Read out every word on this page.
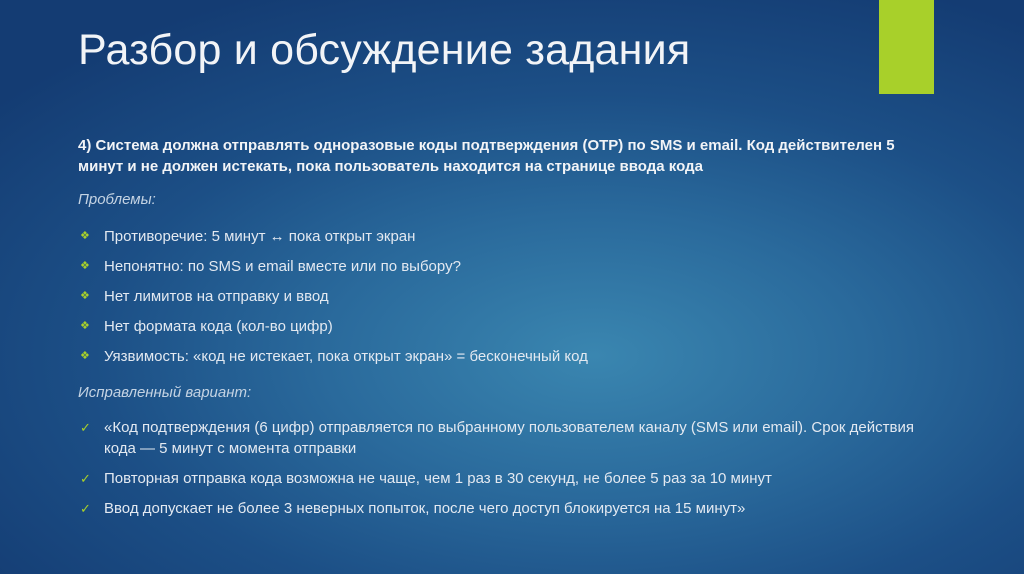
Разбор и обсуждение задания
4) Система должна отправлять одноразовые коды подтверждения (OTP) по SMS и email. Код действителен 5 минут и не должен истекать, пока пользователь находится на странице ввода кода
Проблемы:
❖ Противоречие: 5 минут ↔ пока открыт экран
❖ Непонятно: по SMS и email вместе или по выбору?
❖ Нет лимитов на отправку и ввод
❖ Нет формата кода (кол-во цифр)
❖ Уязвимость: «код не истекает, пока открыт экран» = бесконечный код
Исправленный вариант:
✓ «Код подтверждения (6 цифр) отправляется по выбранному пользователем каналу (SMS или email). Срок действия кода — 5 минут с момента отправки
✓ Повторная отправка кода возможна не чаще, чем 1 раз в 30 секунд, не более 5 раз за 10 минут
✓ Ввод допускает не более 3 неверных попыток, после чего доступ блокируется на 15 минут»
